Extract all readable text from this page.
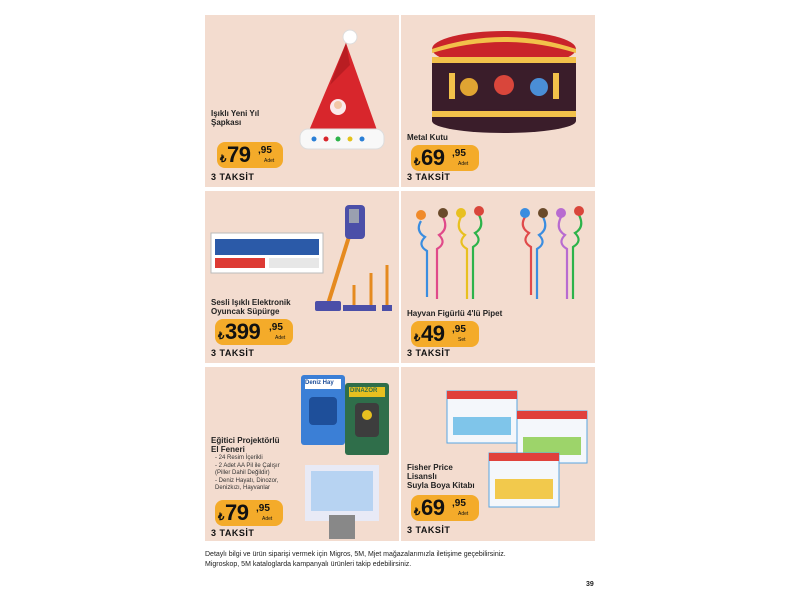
Işıklı Yeni Yıl
Şapkası
₺ 79 ,95
Adet
3 TAKSİT
Metal Kutu
₺ 69 ,95
Adet
3 TAKSİT
Sesli Işıklı Elektronik
Oyuncak Süpürge
₺ 399 ,95
Adet
3 TAKSİT
Hayvan Figürlü 4'lü Pipet
₺ 49 ,95
Set
3 TAKSİT
Deniz Hay
DINAZOR
Eğitici Projektörlü
El Feneri
- 24 Resim İçerikli
- 2 Adet AA Pil ile Çalışır
(Piller Dahil Değildir)
- Deniz Hayatı, Dinozor,
Denizkızı, Hayvanlar
₺ 79 ,95
Adet
3 TAKSİT
Fisher Price
Lisanslı
Suyla Boya Kitabı
₺ 69 ,95
Adet
3 TAKSİT
Detaylı bilgi ve ürün siparişi vermek için Migros, 5M, Mjet mağazalarımızla iletişime geçebilirsiniz.
Migroskop, 5M kataloglarda kampanyalı ürünleri takip edebilirsiniz.
39
